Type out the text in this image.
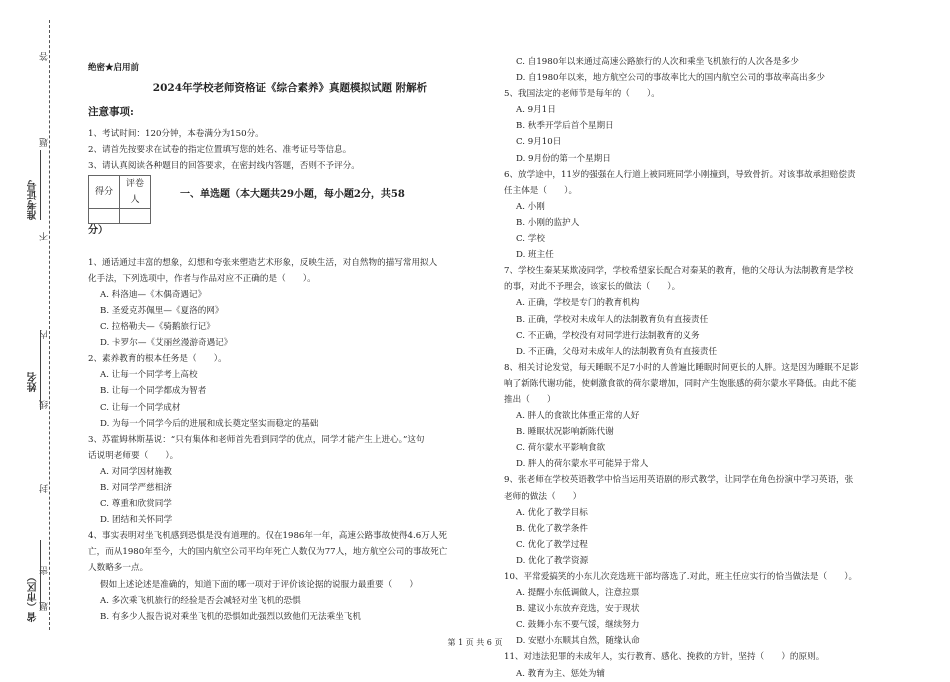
答
题
准考证号
不
内
姓名
线
封
密
省（市区） 题

绝密★启用前

2024年学校老师资格证《综合素养》真题模拟试题 附解析

注意事项:

1、考试时间：120分钟，本卷满分为150分。

2、请首先按要求在试卷的指定位置填写您的姓名、准考证号等信息。

3、请认真阅读各种题目的回答要求，在密封线内答题，否则不予评分。

得分	评卷人

一、单选题（本大题共29小题，每小题2分，共58

分）

1、通话通过丰富的想象，幻想和夸张来塑造艺术形象，反映生活，对自然物的描写常用拟人

化手法，下列选项中，作者与作品对应不正确的是（　　）。

A. 科洛迪—《木偶奇遇记》

B. 圣爱克苏佩里—《夏洛的网》

C. 拉格勒夫—《骑鹅旅行记》

D. 卡罗尔—《艾丽丝漫游奇遇记》

2、素养教育的根本任务是（　　）。

A. 让每一个同学考上高校

B. 让每一个同学都成为智者

C. 让每一个同学成材

D. 为每一个同学今后的进展和成长奠定坚实而稳定的基础

3、苏霍姆林斯基说：“只有集体和老师首先看到同学的优点，同学才能产生上进心。”这句

话说明老师要（　　）。

A. 对同学因材施教

B. 对同学严慈相济

C. 尊重和欣赏同学

D. 团结和关怀同学

4、事实表明对坐飞机感到恐惧是没有道理的。仅在1986年一年，高速公路事故使得4.6万人死

亡，而从1980年至今，大的国内航空公司平均年死亡人数仅为77人，地方航空公司的事故死亡

人数略多一点。

假如上述论述是准确的，知道下面的哪一项对于评价该论据的说服力最重要（　　）

A. 多次乘飞机旅行的经验是否会减轻对坐飞机的恐惧

B. 有多少人报告说对乘坐飞机的恐惧如此强烈以致他们无法乘坐飞机

C. 自1980年以来通过高速公路旅行的人次和乘坐飞机旅行的人次各是多少

D. 自1980年以来，地方航空公司的事故率比大的国内航空公司的事故率高出多少

5、我国法定的老师节是每年的（　　）。

A. 9月1日

B. 秋季开学后首个星期日

C. 9月10日

D. 9月份的第一个星期日

6、放学途中，11岁的强强在人行道上被同班同学小刚撞到，导致骨折。对该事故承担赔偿责

任主体是（　　）。

A. 小刚

B. 小刚的监护人

C. 学校

D. 班主任

7、学校生秦某某欺凌同学，学校希望家长配合对秦某的教育，他的父母认为法制教育是学校

的事，对此不予理会，该家长的做法（　　）。

A. 正确，学校是专门的教育机构

B. 正确，学校对未成年人的法制教育负有直接责任

C. 不正确，学校没有对同学进行法制教育的义务

D. 不正确，父母对未成年人的法制教育负有直接责任

8、相关讨论发觉，每天睡眠不足7小时的人普遍比睡眠时间更长的人胖。这是因为睡眠不足影

响了新陈代谢功能，使刺激食欲的荷尔蒙增加，同时产生饱胀感的荷尔蒙水平降低。由此不能

推出（　　）

A. 胖人的食欲比体重正常的人好

B. 睡眠状况影响新陈代谢

C. 荷尔蒙水平影响食欲

D. 胖人的荷尔蒙水平可能异于常人

9、张老师在学校英语教学中恰当运用英语剧的形式教学，让同学在角色扮演中学习英语，张

老师的做法（　　）

A. 优化了教学目标

B. 优化了教学条件

C. 优化了教学过程

D. 优化了教学资源

10、平常爱搞笑的小东儿次竞选班干部均落选了.对此，班主任应实行的恰当做法是（　　）。

A. 提醒小东低调做人，注意拉票

B. 建议小东放弃竞选，安于现状

C. 鼓舞小东不要气馁，继续努力

D. 安慰小东顺其自然，随缘认命

11、对违法犯罪的未成年人，实行教育、感化、挽救的方针，坚持（　　）的原则。

A. 教育为主、惩处为辅

第 1 页 共 6 页
